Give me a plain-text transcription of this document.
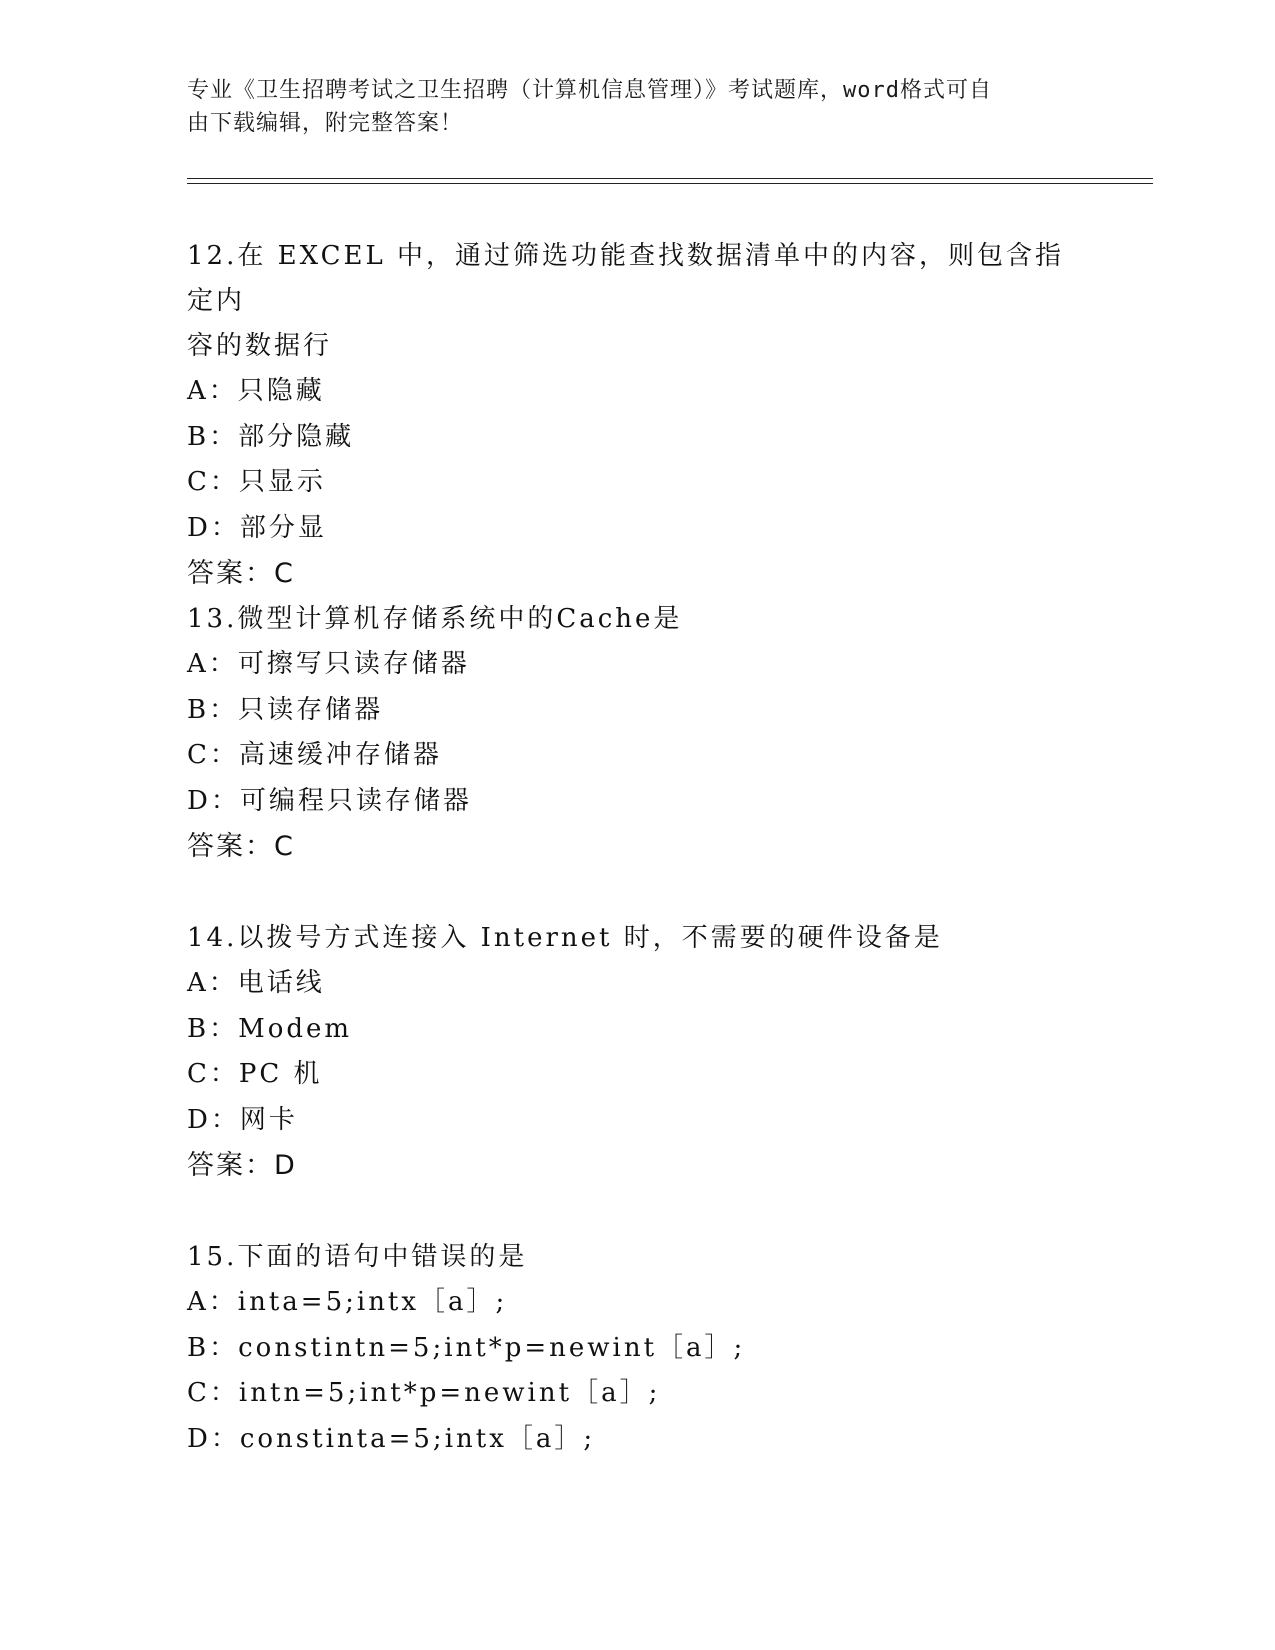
专业《卫生招聘考试之卫生招聘（计算机信息管理）》考试题库，word格式可自
由下载编辑，附完整答案！

12.在 EXCEL 中，通过筛选功能查找数据清单中的内容，则包含指定内

容的数据行

A：只隐藏

B：部分隐藏

C：只显示

D：部分显

答案：C

13.微型计算机存储系统中的Cache是

A：可擦写只读存储器

B：只读存储器

C：高速缓冲存储器

D：可编程只读存储器

答案：C

14.以拨号方式连接入 Internet 时，不需要的硬件设备是

A：电话线

B：Modem

C：PC 机

D：网卡

答案：D

15.下面的语句中错误的是

A：inta=5;intx［a］;

B：constintn=5;int*p=newint［a］;

C：intn=5;int*p=newint［a］;

D：constinta=5;intx［a］;
